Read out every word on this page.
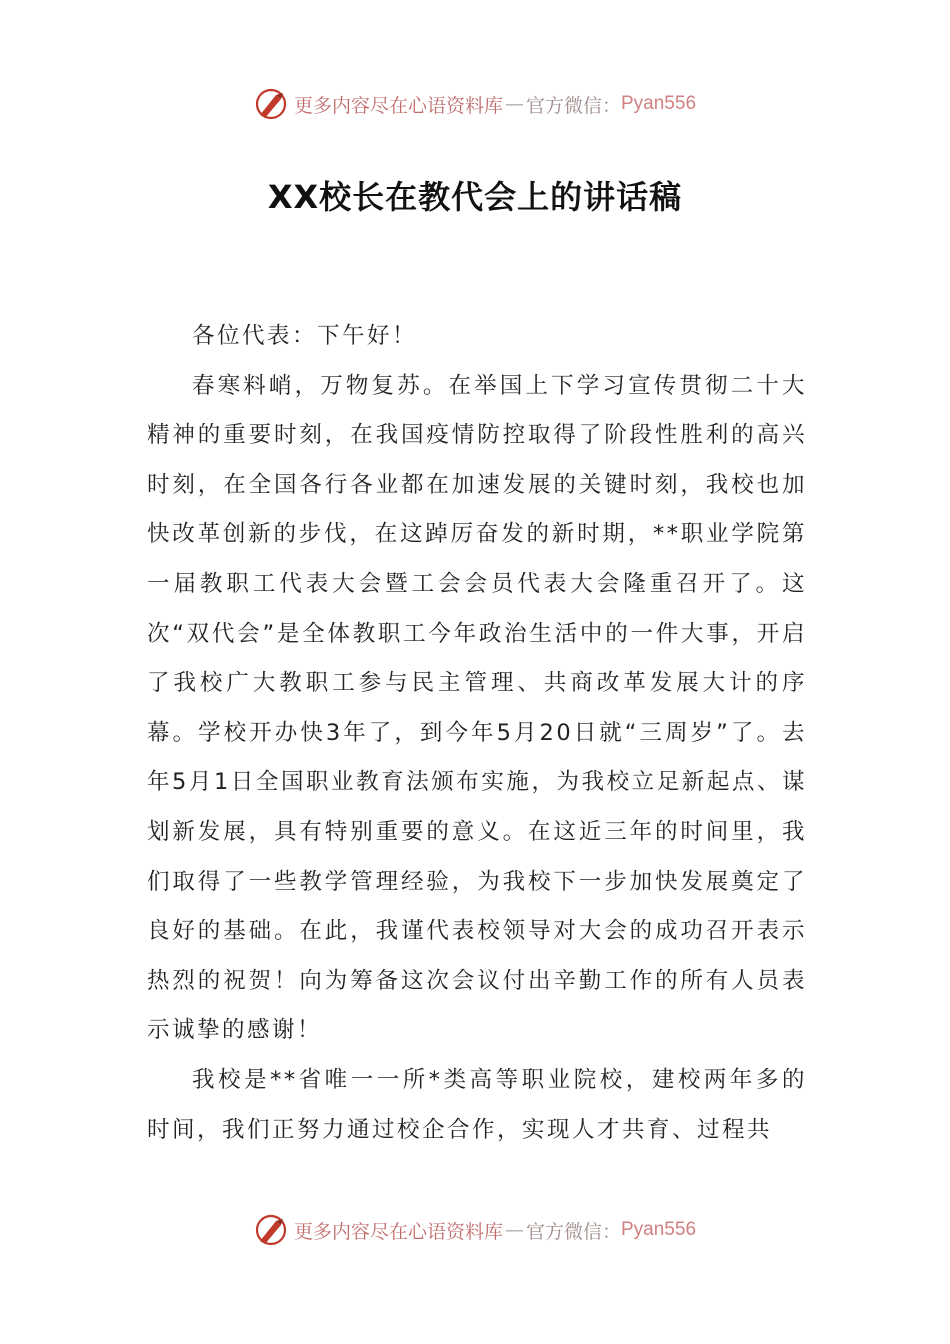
更多内容尽在心语资料库 — 官方微信： Pyan556
XX校长在教代会上的讲话稿

各位代表：下午好！

春寒料峭，万物复苏。在举国上下学习宣传贯彻二十大精神的重要时刻，在我国疫情防控取得了阶段性胜利的高兴时刻，在全国各行各业都在加速发展的关键时刻，我校也加快改革创新的步伐，在这踔厉奋发的新时期，**职业学院第一届教职工代表大会暨工会会员代表大会隆重召开了。这次“双代会”是全体教职工今年政治生活中的一件大事，开启了我校广大教职工参与民主管理、共商改革发展大计的序幕。学校开办快3年了，到今年5月20日就“三周岁”了。去年5月1日全国职业教育法颁布实施，为我校立足新起点、谋划新发展，具有特别重要的意义。在这近三年的时间里，我们取得了一些教学管理经验，为我校下一步加快发展奠定了良好的基础。在此，我谨代表校领导对大会的成功召开表示热烈的祝贺！向为筹备这次会议付出辛勤工作的所有人员表示诚挚的感谢！

我校是**省唯一一所*类高等职业院校，建校两年多的时间，我们正努力通过校企合作，实现人才共育、过程共

更多内容尽在心语资料库 — 官方微信： Pyan556
